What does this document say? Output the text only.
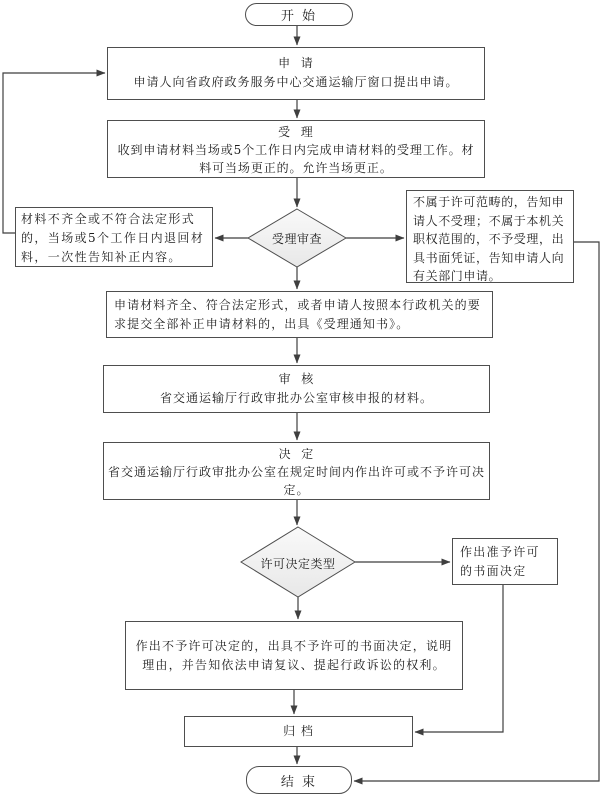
开 始
申  请
申请人向省政府政务服务中心交通运输厅窗口提出申请。
受  理
收到申请材料当场或5个工作日内完成申请材料的受理工作。材料可当场更正的。允许当场更正。
受理审查
材料不齐全或不符合法定形式的，当场或5个工作日内退回材料，一次性告知补正内容。
不属于许可范畴的，告知申请人不受理；不属于本机关职权范围的，不予受理，出具书面凭证，告知申请人向有关部门申请。
申请材料齐全、符合法定形式，或者申请人按照本行政机关的要求提交全部补正申请材料的，出具《受理通知书》。
审  核
省交通运输厅行政审批办公室审核申报的材料。
决  定
省交通运输厅行政审批办公室在规定时间内作出许可或不予许可决定。
许可决定类型
作出准予许可的书面决定
作出不予许可决定的，出具不予许可的书面决定，说明理由，并告知依法申请复议、提起行政诉讼的权利。
归 档
结 束
